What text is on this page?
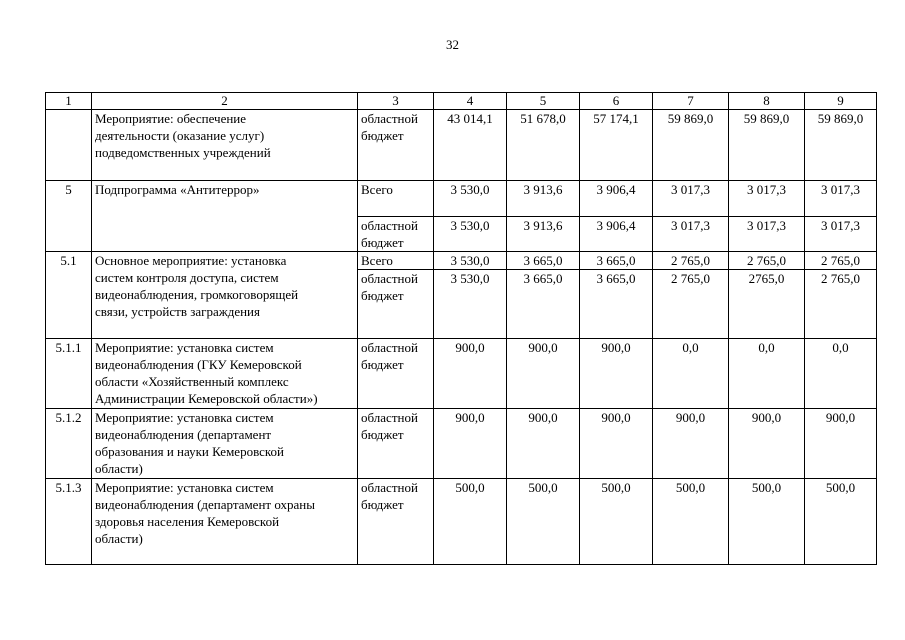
32
1	2	3	4	5	6	7	8	9

	Мероприятие: обеспечение
деятельности (оказание услуг)
подведомственных учреждений	областной
бюджет	43 014,1	51 678,0	57 174,1	59 869,0	59 869,0	59 869,0
5	Подпрограмма «Антитеррор»	Всего	3 530,0	3 913,6	3 906,4	3 017,3	3 017,3	3 017,3

		областной
бюджет	3 530,0	3 913,6	3 906,4	3 017,3	3 017,3	3 017,3
5.1	Основное мероприятие: установка
систем контроля доступа, систем
видеонаблюдения, громкоговорящей
связи, устройств заграждения	Всего	3 530,0	3 665,0	3 665,0	2 765,0	2 765,0	2 765,0

		областной
бюджет	3 530,0	3 665,0	3 665,0	2 765,0	2765,0	2 765,0
5.1.1	Мероприятие: установка систем
видеонаблюдения (ГКУ Кемеровской
области «Хозяйственный комплекс
Администрации Кемеровской области»)	областной
бюджет	900,0	900,0	900,0	0,0	0,0	0,0
5.1.2	Мероприятие: установка систем
видеонаблюдения (департамент
образования и науки Кемеровской
области)	областной
бюджет	900,0	900,0	900,0	900,0	900,0	900,0
5.1.3	Мероприятие: установка систем
видеонаблюдения (департамент охраны
здоровья населения Кемеровской
области)	областной
бюджет	500,0	500,0	500,0	500,0	500,0	500,0
